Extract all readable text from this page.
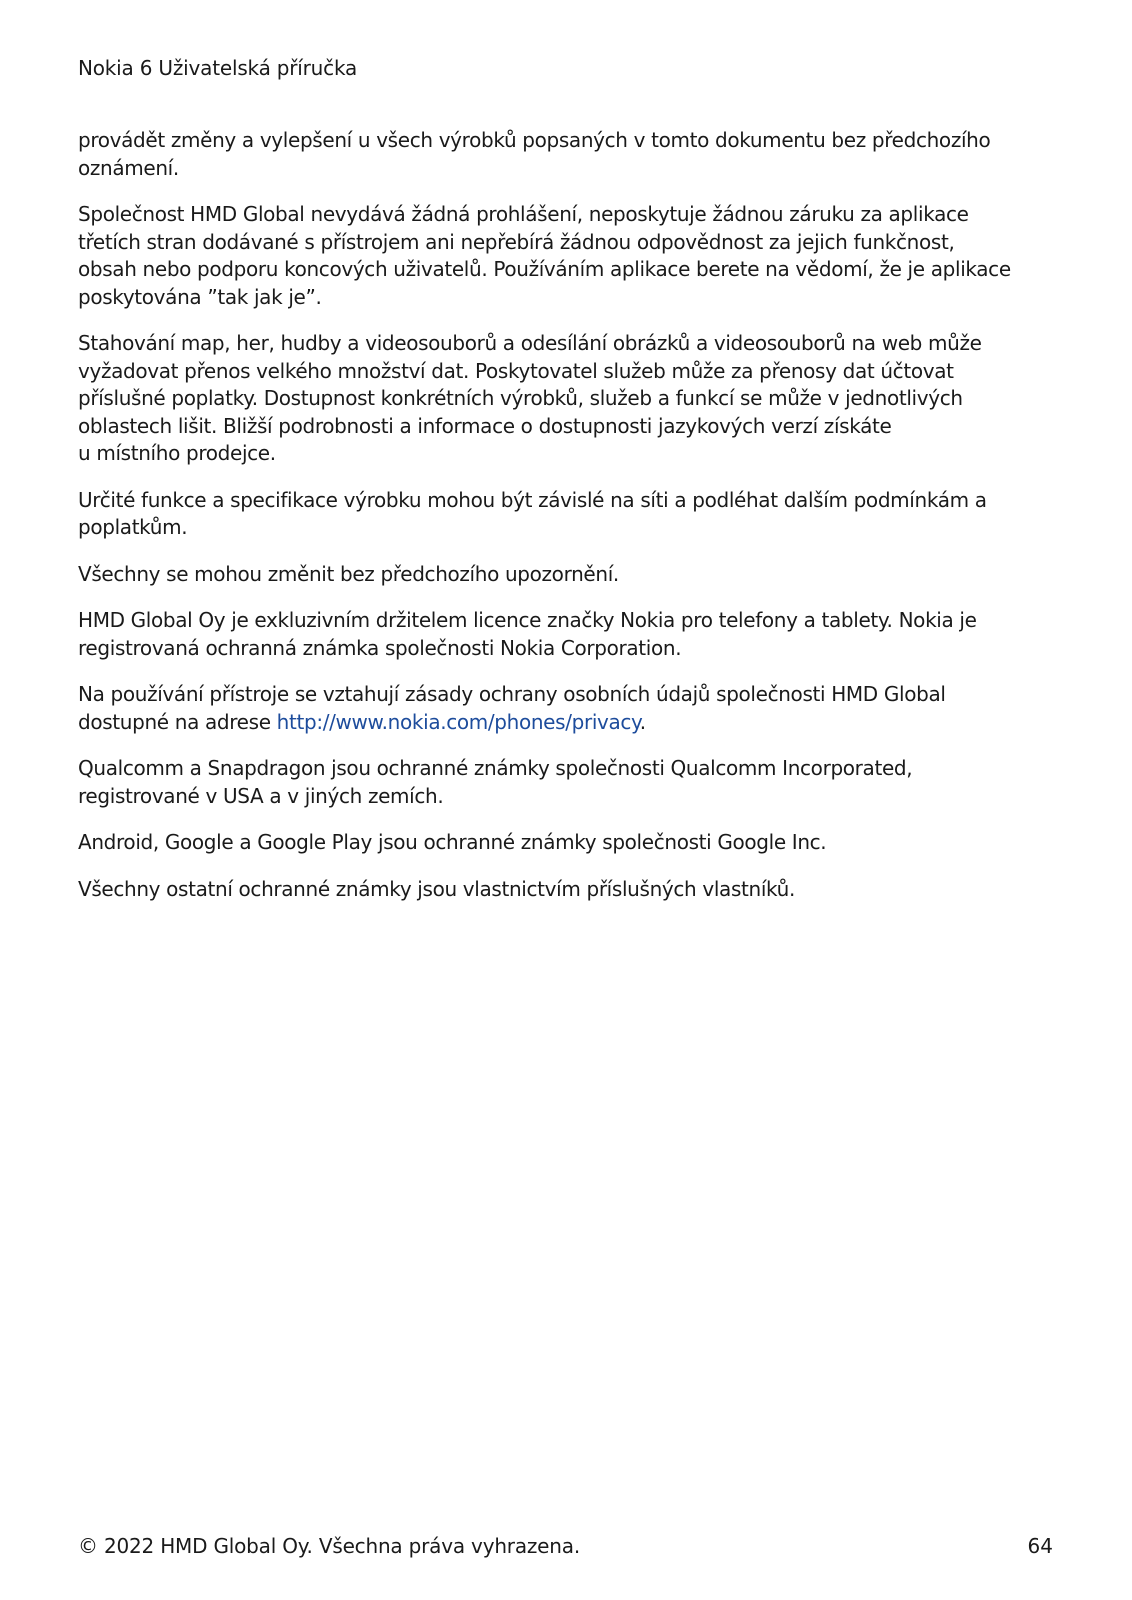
Nokia 6 Uživatelská příručka

provádět změny a vylepšení u všech výrobků popsaných v tomto dokumentu bez předchozího
oznámení.

Společnost HMD Global nevydává žádná prohlášení, neposkytuje žádnou záruku za aplikace
třetích stran dodávané s přístrojem ani nepřebírá žádnou odpovědnost za jejich funkčnost,
obsah nebo podporu koncových uživatelů. Používáním aplikace berete na vědomí, že je aplikace
poskytována ”tak jak je”.

Stahování map, her, hudby a videosouborů a odesílání obrázků a videosouborů na web může
vyžadovat přenos velkého množství dat. Poskytovatel služeb může za přenosy dat účtovat
příslušné poplatky. Dostupnost konkrétních výrobků, služeb a funkcí se může v jednotlivých
oblastech lišit. Bližší podrobnosti a informace o dostupnosti jazykových verzí získáte
u místního prodejce.

Určité funkce a specifikace výrobku mohou být závislé na síti a podléhat dalším podmínkám a
poplatkům.

Všechny se mohou změnit bez předchozího upozornění.

HMD Global Oy je exkluzivním držitelem licence značky Nokia pro telefony a tablety. Nokia je
registrovaná ochranná známka společnosti Nokia Corporation.

Na používání přístroje se vztahují zásady ochrany osobních údajů společnosti HMD Global
dostupné na adrese http://www.nokia.com/phones/privacy.

Qualcomm a Snapdragon jsou ochranné známky společnosti Qualcomm Incorporated,
registrované v USA a v jiných zemích.

Android, Google a Google Play jsou ochranné známky společnosti Google Inc.

Všechny ostatní ochranné známky jsou vlastnictvím příslušných vlastníků.

© 2022 HMD Global Oy. Všechna práva vyhrazena.	64
